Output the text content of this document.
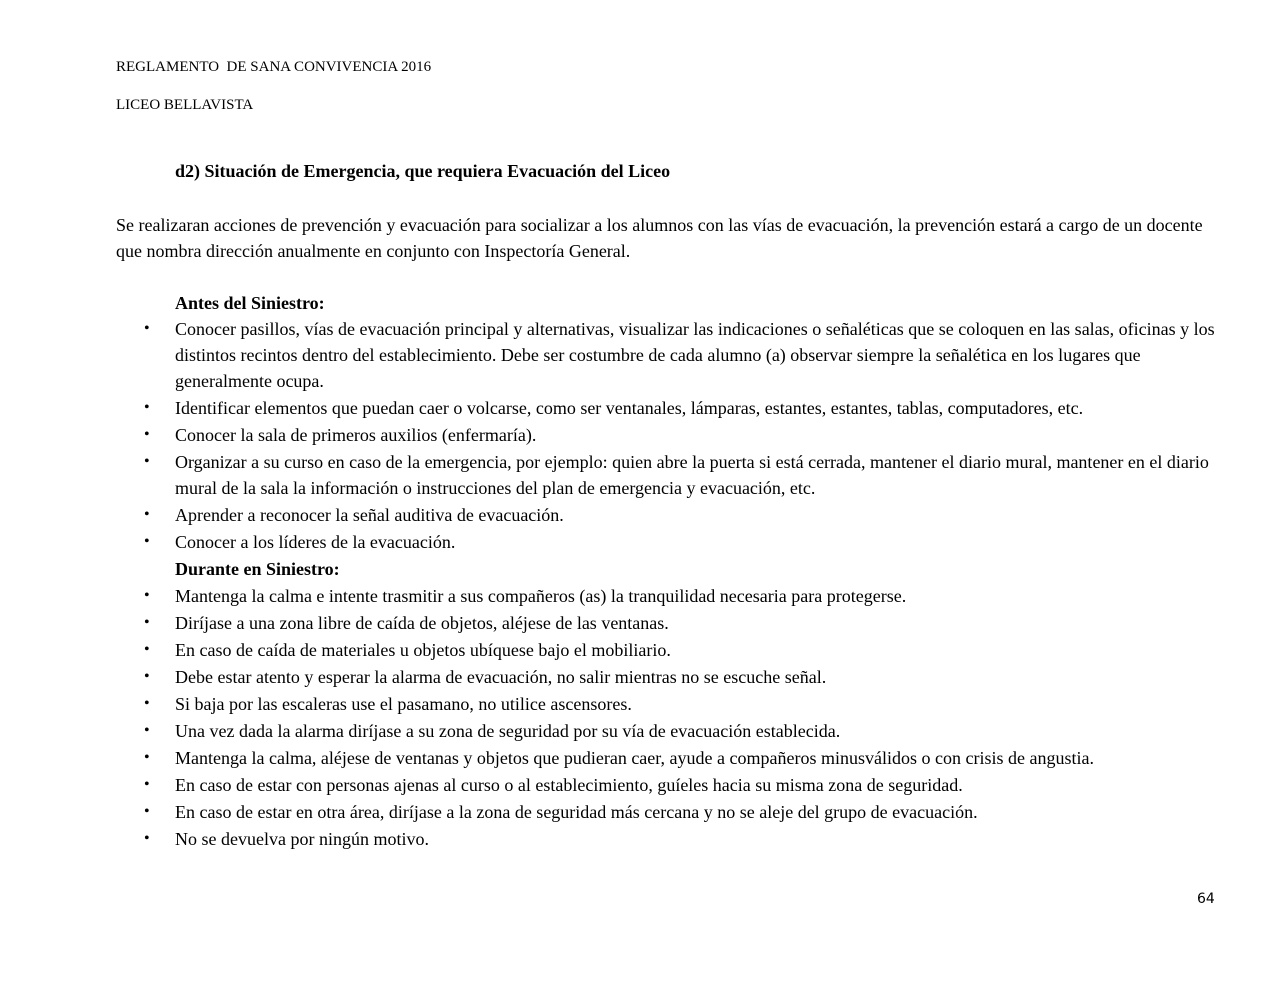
REGLAMENTO  DE SANA CONVIVENCIA 2016
LICEO BELLAVISTA
d2) Situación de Emergencia, que requiera Evacuación del Liceo
Se realizaran acciones de prevención y evacuación para socializar a los alumnos con las vías de evacuación, la prevención estará a cargo de un docente que nombra dirección anualmente en conjunto con Inspectoría General.
Antes del Siniestro:
• Conocer pasillos, vías de evacuación principal y alternativas, visualizar las indicaciones o señaléticas que se coloquen en las salas, oficinas y los distintos recintos dentro del establecimiento. Debe ser costumbre de cada alumno (a) observar siempre la señalética en los lugares que generalmente ocupa.
• Identificar elementos que puedan caer o volcarse, como ser ventanales, lámparas, estantes, estantes, tablas, computadores, etc.
• Conocer la sala de primeros auxilios (enfermaría).
• Organizar a su curso en caso de la emergencia, por ejemplo: quien abre la puerta si está cerrada, mantener el diario mural, mantener en el diario mural de la sala la información o instrucciones del plan de emergencia y evacuación, etc.
• Aprender a reconocer la señal auditiva de evacuación.
• Conocer a los líderes de la evacuación.
Durante en Siniestro:
• Mantenga la calma e intente trasmitir a sus compañeros (as) la tranquilidad necesaria para protegerse.
• Diríjase a una zona libre de caída de objetos, aléjese de las ventanas.
• En caso de caída de materiales u objetos ubíquese bajo el mobiliario.
• Debe estar atento y esperar la alarma de evacuación, no salir mientras no se escuche señal.
• Si baja por las escaleras use el pasamano, no utilice ascensores.
• Una vez dada la alarma diríjase a su zona de seguridad por su vía de evacuación establecida.
• Mantenga la calma, aléjese de ventanas y objetos que pudieran caer, ayude a compañeros minusválidos o con crisis de angustia.
• En caso de estar con personas ajenas al curso o al establecimiento, guíeles hacia su misma zona de seguridad.
• En caso de estar en otra área, diríjase a la zona de seguridad más cercana y no se aleje del grupo de evacuación.
• No se devuelva por ningún motivo.
64
